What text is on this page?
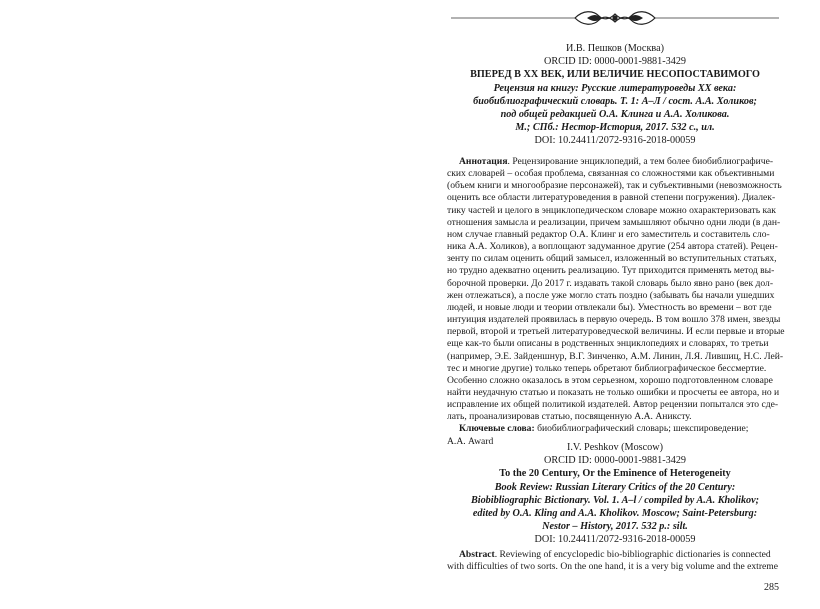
И.В. Пешков (Москва)
ORCID ID: 0000-0001-9881-3429
ВПЕРЕД В XX ВЕК, ИЛИ ВЕЛИЧИЕ НЕСОПОСТАВИМОГО
Рецензия на книгу: Русские литературоведы XX века:
биобиблиографический словарь. Т. 1: А–Л / сост. А.А. Холиков;
под общей редакцией О.А. Клинга и А.А. Холикова.
М.; СПб.: Нестор-История, 2017. 532 с., ил.
DOI: 10.24411/2072-9316-2018-00059
Аннотация. Рецензирование энциклопедий, а тем более биобиблиографиче-
ских словарей – особая проблема, связанная со сложностями как объективными
(объем книги и многообразие персонажей), так и субъективными (невозможность
оценить все области литературоведения в равной степени погружения). Диалек-
тику частей и целого в энциклопедическом словаре можно охарактеризовать как
отношения замысла и реализации, причем замышляют обычно одни люди (в дан-
ном случае главный редактор О.А. Клинг и его заместитель и составитель сло-
ника А.А. Холиков), а воплощают задуманное другие (254 автора статей). Рецен-
зенту по силам оценить общий замысел, изложенный во вступительных статьях,
но трудно адекватно оценить реализацию. Тут приходится применять метод вы-
борочной проверки. До 2017 г. издавать такой словарь было явно рано (век дол-
жен отлежаться), а после уже могло стать поздно (забывать бы начали ушедших
людей, и новые люди и теории отвлекали бы). Уместность во времени – вот где
интуиция издателей проявилась в первую очередь. В том вошло 378 имен, звезды
первой, второй и третьей литературоведческой величины. И если первые и вторые
еще как-то были описаны в родственных энциклопедиях и словарях, то третьи
(например, Э.Е. Зайденшнур, В.Г. Зинченко, А.М. Линин, Л.Я. Лившиц, Н.С. Лей-
тес и многие другие) только теперь обретают библиографическое бессмертие.
Особенно сложно оказалось в этом серьезном, хорошо подготовленном словаре
найти неудачную статью и показать не только ошибки и просчеты ее автора, но и
исправление их общей политикой издателей. Автор рецензии попытался это сде-
лать, проанализировав статью, посвященную А.А. Аниксту.
Ключевые слова: биобиблиографический словарь; шекспироведение;
А.А. Award
I.V. Peshkov (Moscow)
ORCID ID: 0000-0001-9881-3429
To the 20 Century, Or the Eminence of Heterogeneity
Book Review: Russian Literary Critics of the 20 Century:
Biobibliographic Bictionary. Vol. 1. A–l / compiled by A.A. Kholikov;
edited by O.A. Kling and A.A. Kholikov. Moscow; Saint-Petersburg:
Nestor – History, 2017. 532 p.: silt.
DOI: 10.24411/2072-9316-2018-00059
Abstract. Reviewing of encyclopedic bio-bibliographic dictionaries is connected
with difficulties of two sorts. On the one hand, it is a very big volume and the extreme
285
